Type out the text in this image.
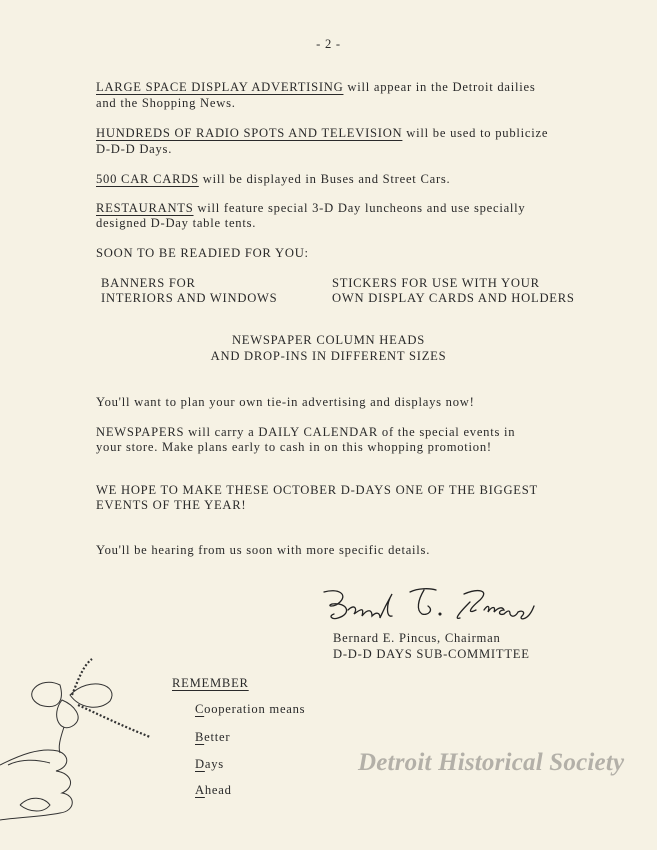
- 2 -
LARGE SPACE DISPLAY ADVERTISING will appear in the Detroit dailies
and the Shopping News.
HUNDREDS OF RADIO SPOTS AND TELEVISION will be used to publicize
D-D-D Days.
500 CAR CARDS will be displayed in Buses and Street Cars.
RESTAURANTS will feature special 3-D Day luncheons and use specially
designed D-Day table tents.
SOON TO BE READIED FOR YOU:
BANNERS FOR
INTERIORS AND WINDOWS
STICKERS FOR USE WITH YOUR
OWN DISPLAY CARDS AND HOLDERS
NEWSPAPER COLUMN HEADS
AND DROP-INS IN DIFFERENT SIZES
You'll want to plan your own tie-in advertising and displays now!
NEWSPAPERS will carry a DAILY CALENDAR of the special events in
your store. Make plans early to cash in on this whopping promotion!
WE HOPE TO MAKE THESE OCTOBER D-DAYS ONE OF THE BIGGEST
EVENTS OF THE YEAR!
You'll be hearing from us soon with more specific details.
Bernard E. Pincus, Chairman
D-D-D DAYS SUB-COMMITTEE
REMEMBER
Cooperation means
Better
Days
Ahead
Detroit Historical Society
